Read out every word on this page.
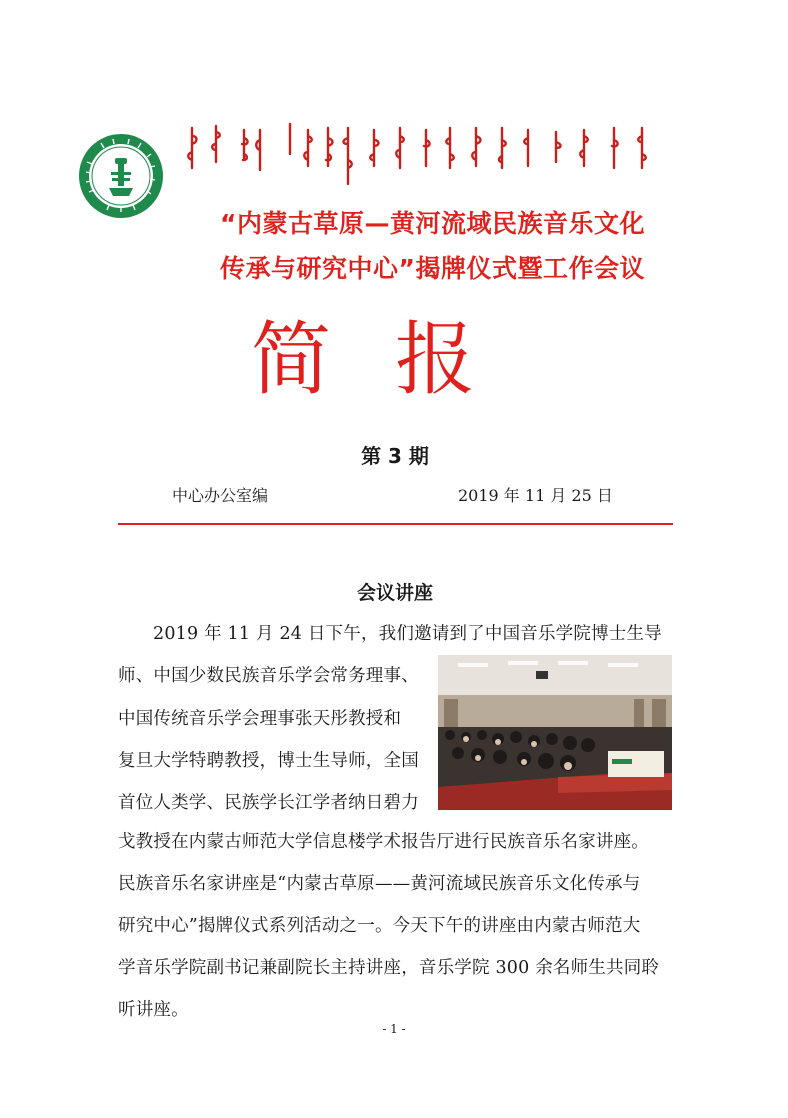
“内蒙古草原—黄河流域民族音乐文化
传承与研究中心”揭牌仪式暨工作会议
简报
第 3 期
中心办公室编	2019 年 11 月 25 日
会议讲座
2019 年 11 月 24 日下午，我们邀请到了中国音乐学院博士生导
师、中国少数民族音乐学会常务理事、
中国传统音乐学会理事张天彤教授和
复旦大学特聘教授，博士生导师，全国
首位人类学、民族学长江学者纳日碧力
戈教授在内蒙古师范大学信息楼学术报告厅进行民族音乐名家讲座。
民族音乐名家讲座是“内蒙古草原——黄河流域民族音乐文化传承与
研究中心”揭牌仪式系列活动之一。今天下午的讲座由内蒙古师范大
学音乐学院副书记兼副院长主持讲座，音乐学院 300 余名师生共同聆
听讲座。
- 1 -
